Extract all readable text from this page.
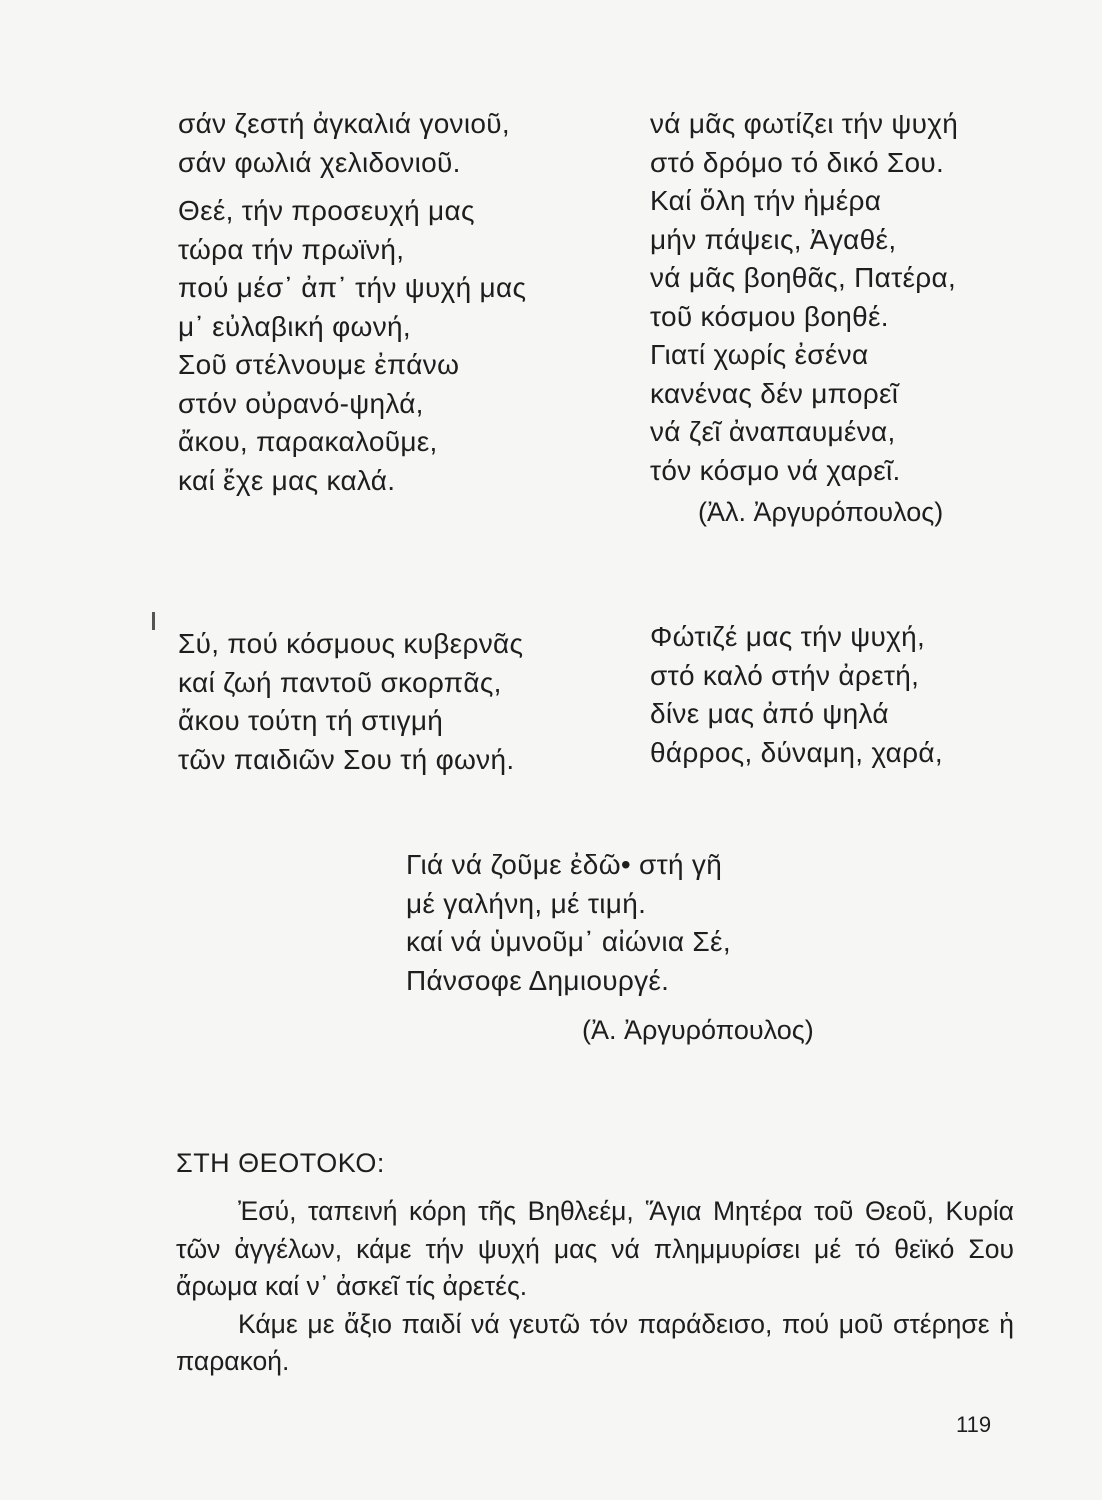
σάν ζεστή ἀγκαλιά γονιοῦ,
σάν φωλιά χελιδονιοῦ.
Θεέ, τήν προσευχή μας
τώρα τήν πρωϊνή,
πού μέσ᾽ ἀπ᾽ τήν ψυχή μας
μ᾽ εὐλαβική φωνή,
Σοῦ στέλνουμε ἐπάνω
στόν οὐρανό-ψηλά,
ἄκου, παρακαλοῦμε,
καί ἔχε μας καλά.
νά μᾶς φωτίζει τήν ψυχή
στό δρόμο τό δικό Σου.
Καί ὅλη τήν ἡμέρα
μήν πάψεις, Ἀγαθέ,
νά μᾶς βοηθᾶς, Πατέρα,
τοῦ κόσμου βοηθέ.
Γιατί χωρίς ἐσένα
κανένας δέν μπορεῖ
νά ζεῖ ἀναπαυμένα,
τόν κόσμο νά χαρεῖ.
(Ἀλ. Ἀργυρόπουλος)
Σύ, πού κόσμους κυβερνᾶς
καί ζωή παντοῦ σκορπᾶς,
ἄκου τούτη τή στιγμή
τῶν παιδιῶν Σου τή φωνή.
Φώτιζέ μας τήν ψυχή,
στό καλό στήν ἀρετή,
δίνε μας ἀπό ψηλά
θάρρος, δύναμη, χαρά,
Γιά νά ζοῦμε ἐδῶ• στή γῆ
μέ γαλήνη, μέ τιμή.
καί νά ὑμνοῦμ᾽ αἰώνια Σέ,
Πάνσοφε Δημιουργέ.
(Ἀ. Ἀργυρόπουλος)
ΣΤΗ ΘΕΟΤΟΚΟ:

Ἐσύ, ταπεινή κόρη τῆς Βηθλεέμ, Ἅγια Μητέρα τοῦ Θεοῦ, Κυρία τῶν ἀγγέλων, κάμε τήν ψυχή μας νά πλημμυρίσει μέ τό θεϊκό Σου ἄρωμα καί ν᾽ ἀσκεῖ τίς ἀρετές.

Κάμε με ἄξιο παιδί νά γευτῶ τόν παράδεισο, πού μοῦ στέρησε ἡ παρακοή.

119
